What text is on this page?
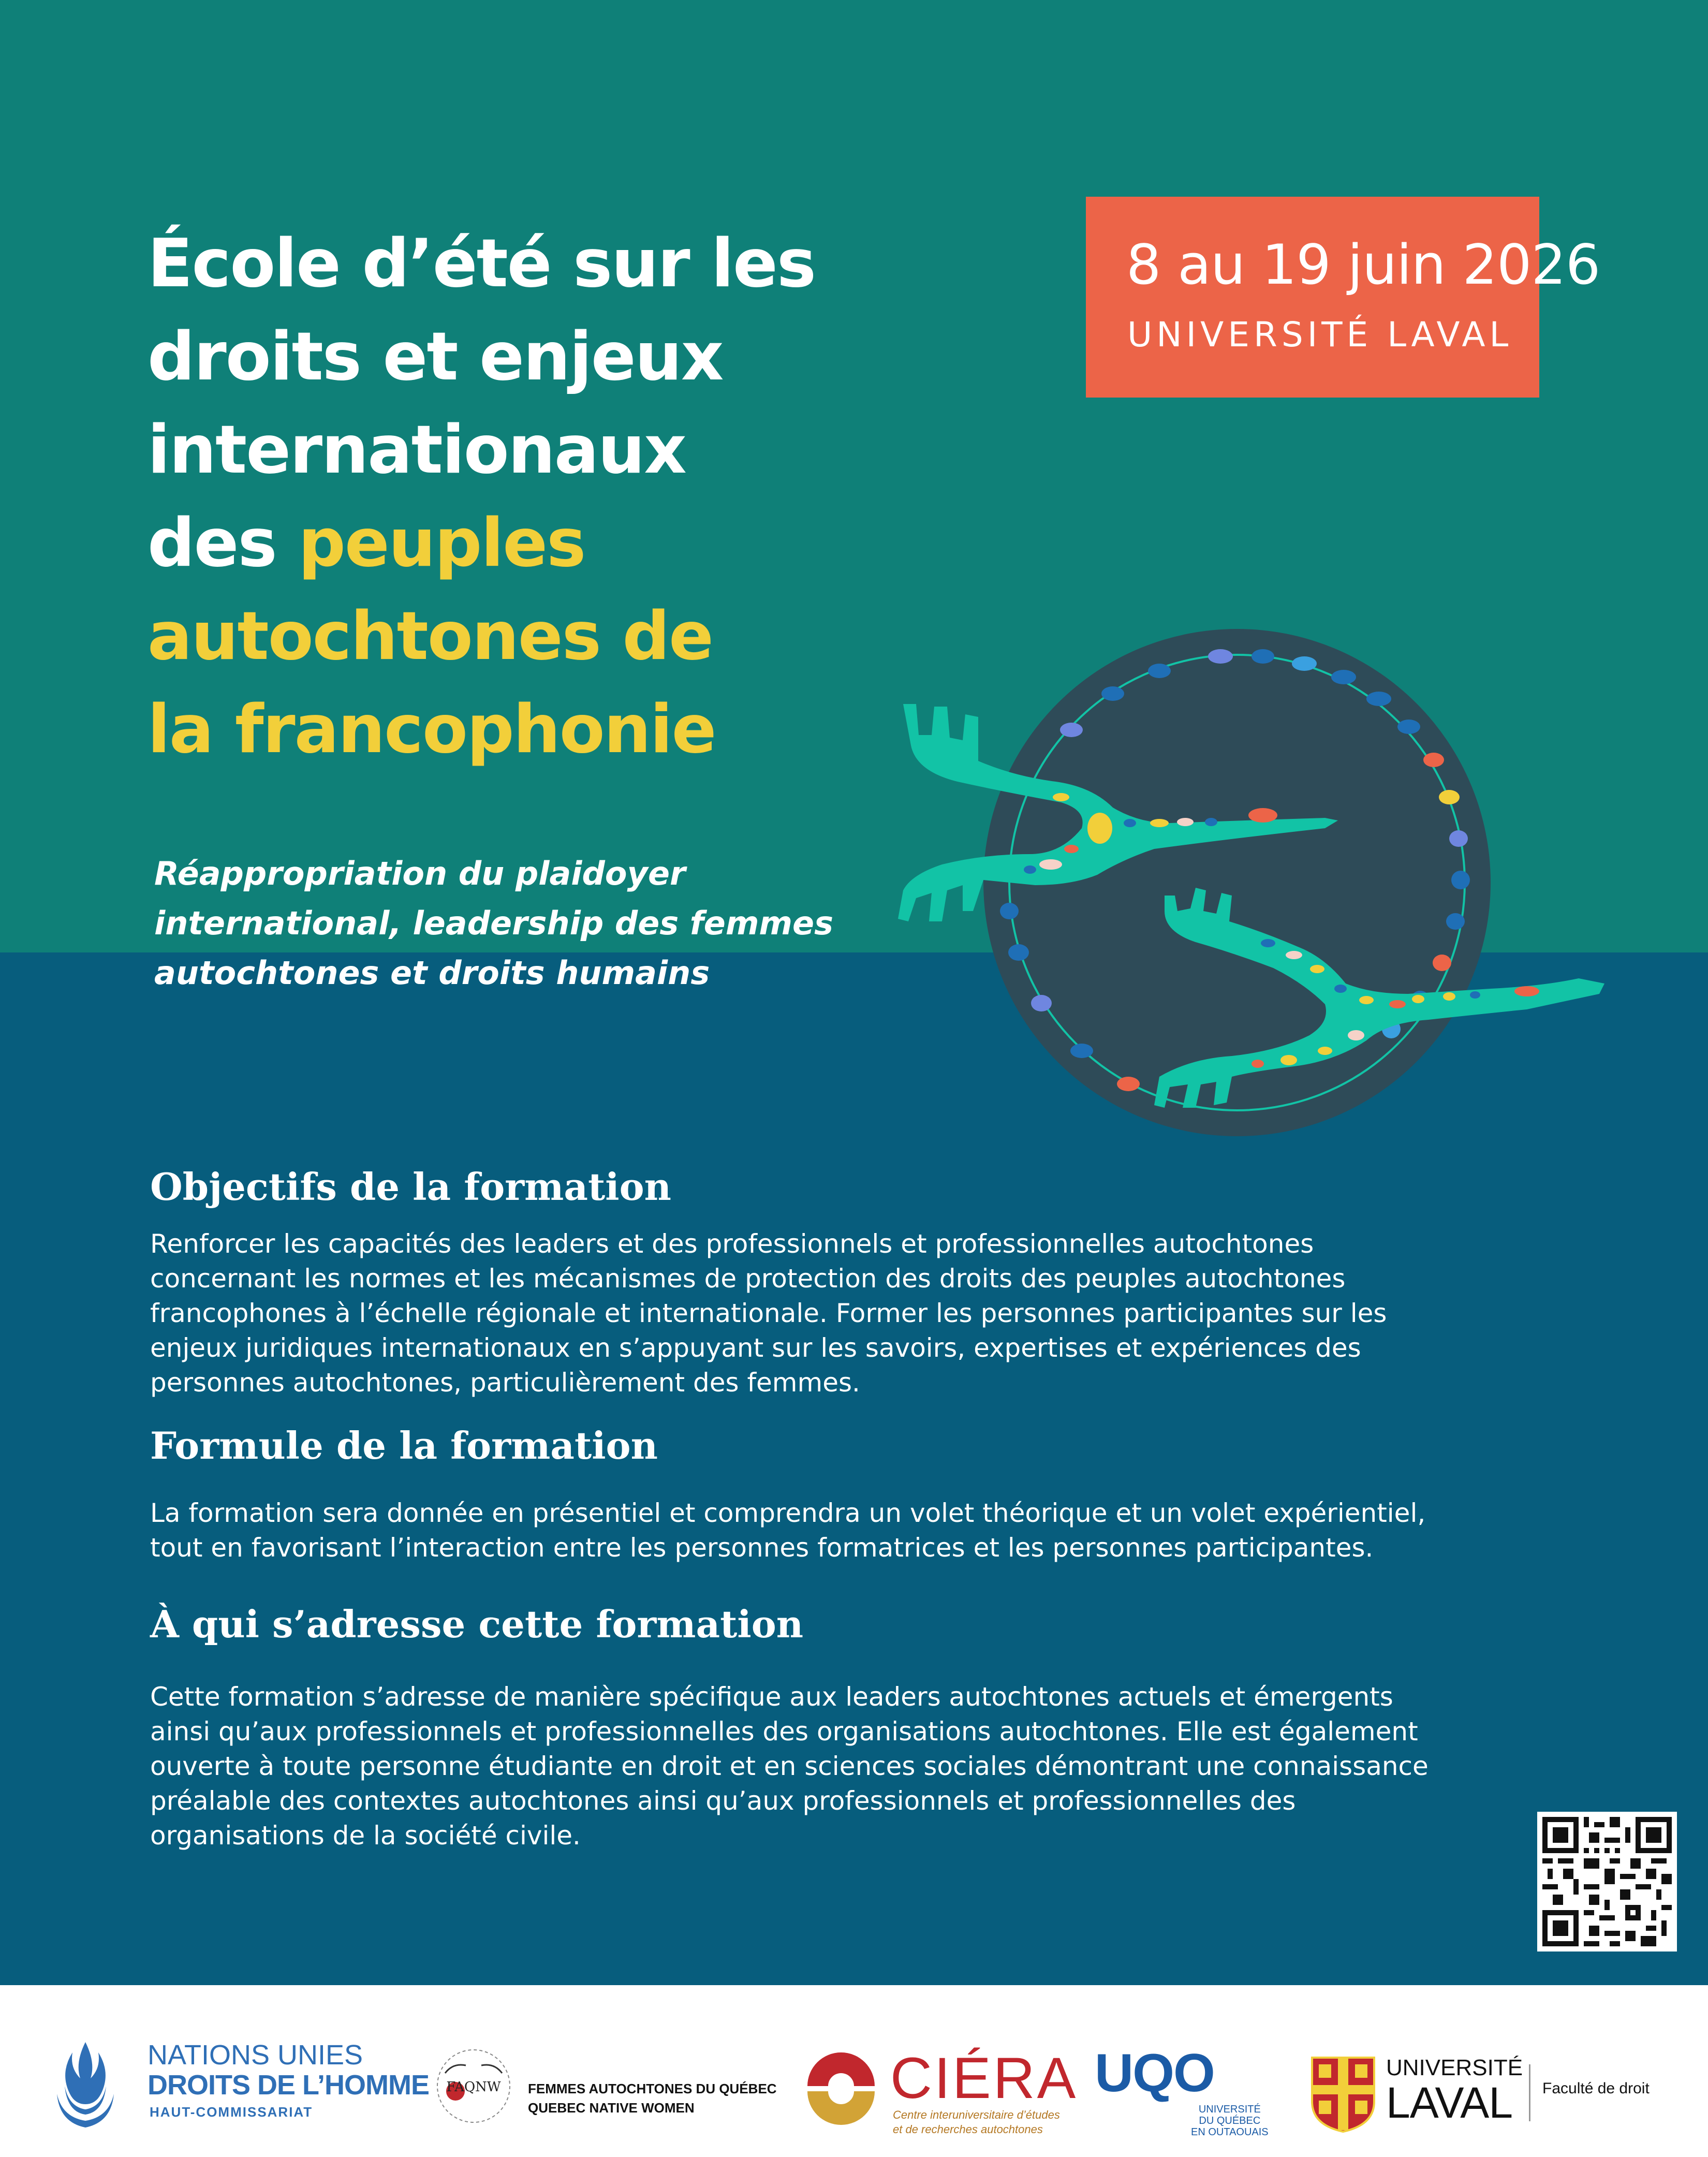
École d’été sur les
droits et enjeux
internationaux
des peuples
autochtones de
la francophonie
8 au 19 juin 2026
UNIVERSITÉ LAVAL

Réappropriation du plaidoyer
international, leadership des femmes
autochtones et droits humains

Objectifs de la formation

Renforcer les capacités des leaders et des professionnels et professionnelles autochtones
concernant les normes et les mécanismes de protection des droits des peuples autochtones
francophones à l’échelle régionale et internationale. Former les personnes participantes sur les
enjeux juridiques internationaux en s’appuyant sur les savoirs, expertises et expériences des
personnes autochtones, particulièrement des femmes.

Formule de la formation

La formation sera donnée en présentiel et comprendra un volet théorique et un volet expérientiel,
tout en favorisant l’interaction entre les personnes formatrices et les personnes participantes.

À qui s’adresse cette formation

Cette formation s’adresse de manière spécifique aux leaders autochtones actuels et émergents
ainsi qu’aux professionnels et professionnelles des organisations autochtones. Elle est également
ouverte à toute personne étudiante en droit et en sciences sociales démontrant une connaissance
préalable des contextes autochtones ainsi qu’aux professionnels et professionnelles des
organisations de la société civile.

NATIONS UNIES
DROITS DE L’HOMME
HAUT-COMMISSARIAT
FAQNW FEMMES AUTOCHTONES DU QUÉBEC
QUEBEC NATIVE WOMEN	CIÉRA
Centre interuniversitaire d’études
et de recherches autochtones
UQO
UNIVERSITÉ
DU QUÉBEC
EN OUTAOUAIS
UNIVERSITÉ
LAVAL Faculté de droit
